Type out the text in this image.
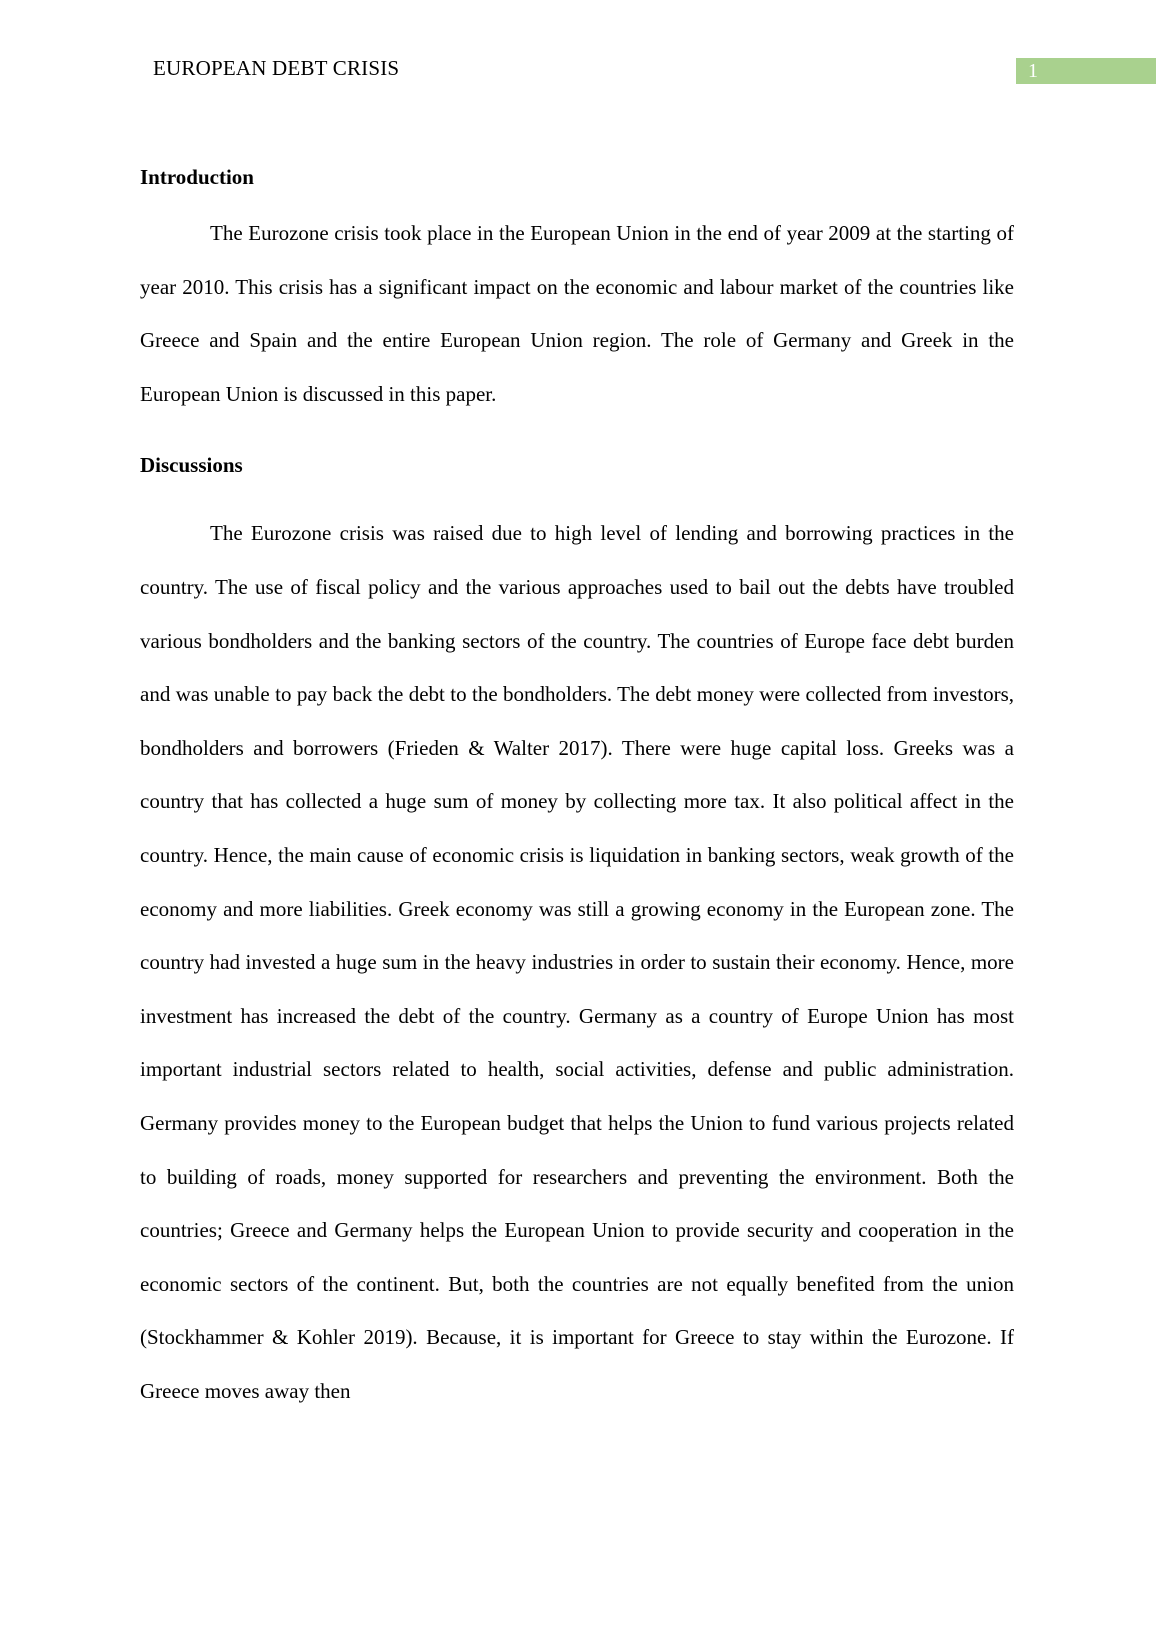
EUROPEAN DEBT CRISIS	1

Introduction

The Eurozone crisis took place in the European Union in the end of year 2009 at the starting of year 2010. This crisis has a significant impact on the economic and labour market of the countries like Greece and Spain and the entire European Union region. The role of Germany and Greek in the European Union is discussed in this paper.

Discussions

The Eurozone crisis was raised due to high level of lending and borrowing practices in the country. The use of fiscal policy and the various approaches used to bail out the debts have troubled various bondholders and the banking sectors of the country. The countries of Europe face debt burden and was unable to pay back the debt to the bondholders. The debt money were collected from investors, bondholders and borrowers (Frieden & Walter 2017). There were huge capital loss. Greeks was a country that has collected a huge sum of money by collecting more tax. It also political affect in the country. Hence, the main cause of economic crisis is liquidation in banking sectors, weak growth of the economy and more liabilities. Greek economy was still a growing economy in the European zone. The country had invested a huge sum in the heavy industries in order to sustain their economy. Hence, more investment has increased the debt of the country. Germany as a country of Europe Union has most important industrial sectors related to health, social activities, defense and public administration. Germany provides money to the European budget that helps the Union to fund various projects related to building of roads, money supported for researchers and preventing the environment. Both the countries; Greece and Germany helps the European Union to provide security and cooperation in the economic sectors of the continent. But, both the countries are not equally benefited from the union (Stockhammer & Kohler 2019). Because, it is important for Greece to stay within the Eurozone. If Greece moves away then
